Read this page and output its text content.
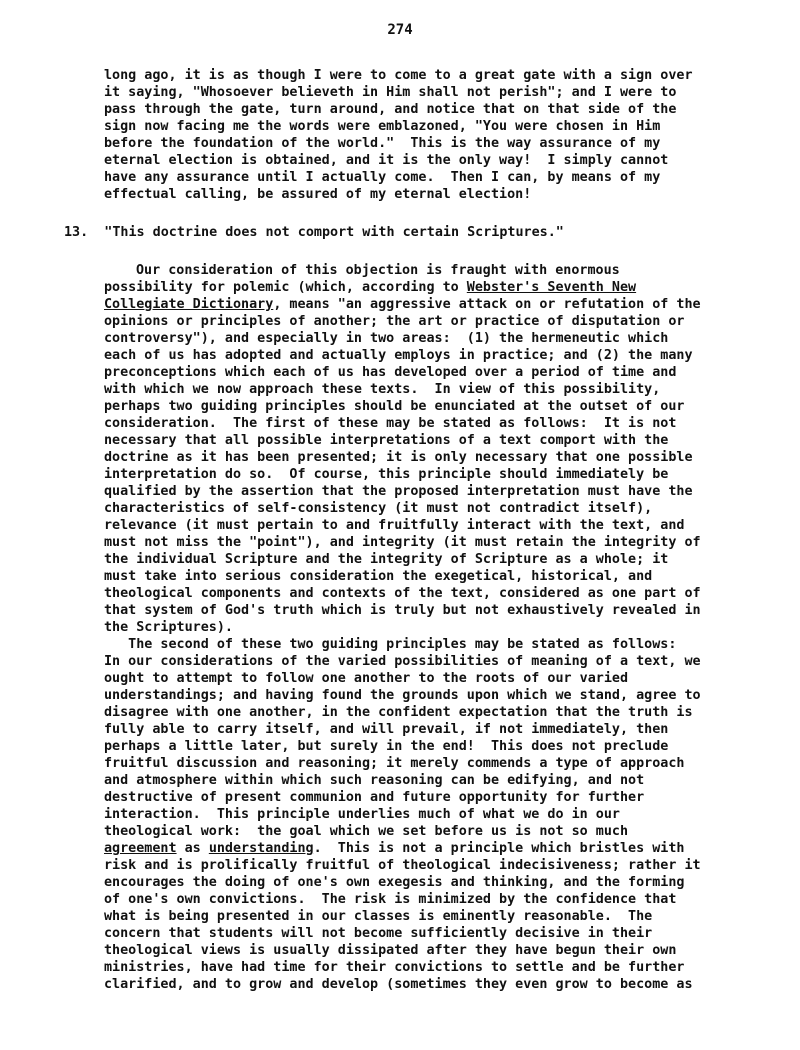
274
long ago, it is as though I were to come to a great gate with a sign over
it saying, "Whosoever believeth in Him shall not perish"; and I were to
pass through the gate, turn around, and notice that on that side of the
sign now facing me the words were emblazoned, "You were chosen in Him
before the foundation of the world."  This is the way assurance of my
eternal election is obtained, and it is the only way!  I simply cannot
have any assurance until I actually come.  Then I can, by means of my
effectual calling, be assured of my eternal election!
13.  "This doctrine does not comport with certain Scriptures."
Our consideration of this objection is fraught with enormous
possibility for polemic (which, according to Webster's Seventh New
Collegiate Dictionary, means "an aggressive attack on or refutation of the
opinions or principles of another; the art or practice of disputation or
controversy"), and especially in two areas:  (1) the hermeneutic which
each of us has adopted and actually employs in practice; and (2) the many
preconceptions which each of us has developed over a period of time and
with which we now approach these texts.  In view of this possibility,
perhaps two guiding principles should be enunciated at the outset of our
consideration.  The first of these may be stated as follows:  It is not
necessary that all possible interpretations of a text comport with the
doctrine as it has been presented; it is only necessary that one possible
interpretation do so.  Of course, this principle should immediately be
qualified by the assertion that the proposed interpretation must have the
characteristics of self-consistency (it must not contradict itself),
relevance (it must pertain to and fruitfully interact with the text, and
must not miss the "point"), and integrity (it must retain the integrity of
the individual Scripture and the integrity of Scripture as a whole; it
must take into serious consideration the exegetical, historical, and
theological components and contexts of the text, considered as one part of
that system of God's truth which is truly but not exhaustively revealed in
the Scriptures).
The second of these two guiding principles may be stated as follows:
In our considerations of the varied possibilities of meaning of a text, we
ought to attempt to follow one another to the roots of our varied
understandings; and having found the grounds upon which we stand, agree to
disagree with one another, in the confident expectation that the truth is
fully able to carry itself, and will prevail, if not immediately, then
perhaps a little later, but surely in the end!  This does not preclude
fruitful discussion and reasoning; it merely commends a type of approach
and atmosphere within which such reasoning can be edifying, and not
destructive of present communion and future opportunity for further
interaction.  This principle underlies much of what we do in our
theological work:  the goal which we set before us is not so much
agreement as understanding.  This is not a principle which bristles with
risk and is prolifically fruitful of theological indecisiveness; rather it
encourages the doing of one's own exegesis and thinking, and the forming
of one's own convictions.  The risk is minimized by the confidence that
what is being presented in our classes is eminently reasonable.  The
concern that students will not become sufficiently decisive in their
theological views is usually dissipated after they have begun their own
ministries, have had time for their convictions to settle and be further
clarified, and to grow and develop (sometimes they even grow to become as
